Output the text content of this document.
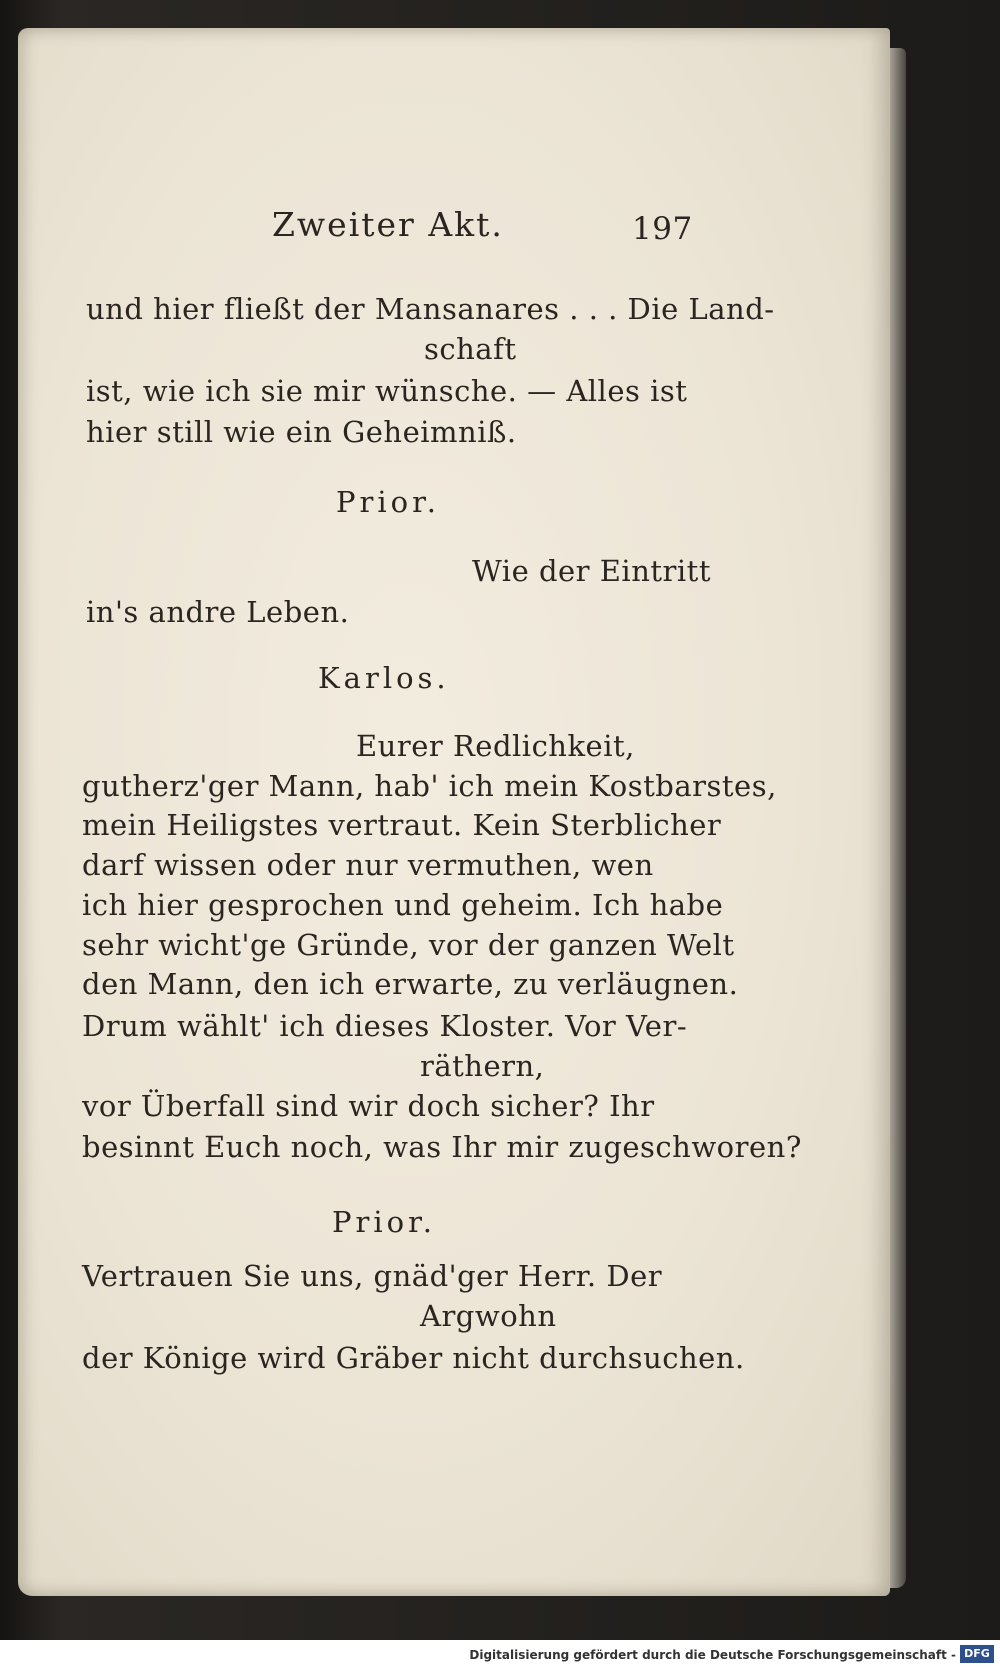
Zweiter Akt.	197
und hier fließt der Mansanares . . . Die Land-
schaft
ist, wie ich sie mir wünsche. — Alles ist
hier still wie ein Geheimniß.
Prior.
Wie der Eintritt
in's andre Leben.
Karlos.
Eurer Redlichkeit,
gutherz'ger Mann, hab' ich mein Kostbarstes,
mein Heiligstes vertraut. Kein Sterblicher
darf wissen oder nur vermuthen, wen
ich hier gesprochen und geheim. Ich habe
sehr wicht'ge Gründe, vor der ganzen Welt
den Mann, den ich erwarte, zu verläugnen.
Drum wählt' ich dieses Kloster. Vor Ver-
räthern,
vor Überfall sind wir doch sicher? Ihr
besinnt Euch noch, was Ihr mir zugeschworen?
Prior.
Vertrauen Sie uns, gnäd'ger Herr. Der
Argwohn
der Könige wird Gräber nicht durchsuchen.
Digitalisierung gefördert durch die Deutsche Forschungsgemeinschaft - DFG
